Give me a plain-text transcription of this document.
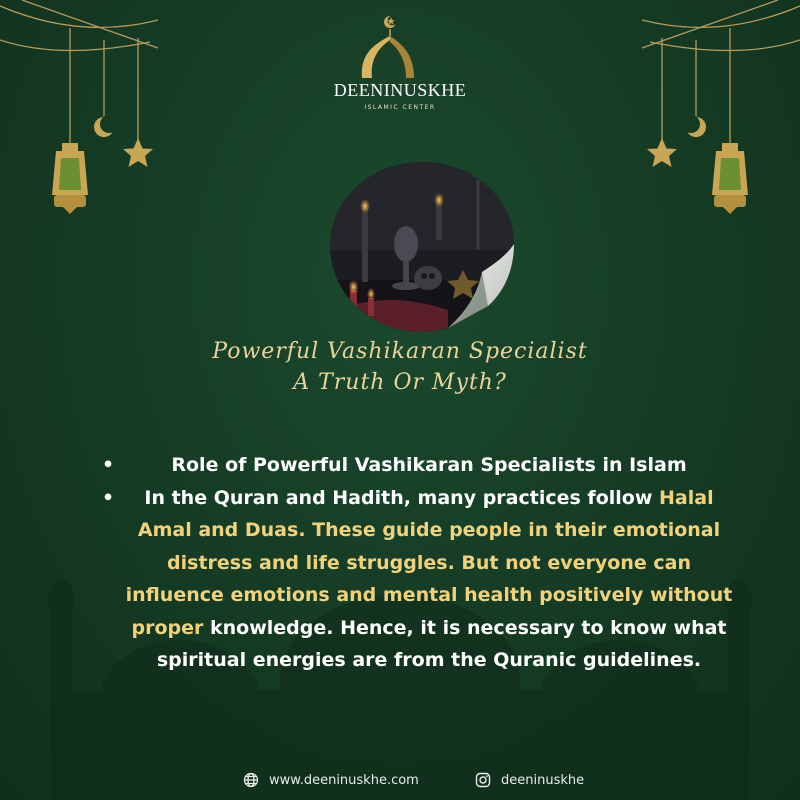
DEENINUSKHE
ISLAMIC CENTER
Powerful Vashikaran Specialist
A Truth Or Myth?
•	Role of Powerful Vashikaran Specialists in Islam
• In the Quran and Hadith, many practices follow Halal Amal and Duas. These guide people in their emotional distress and life struggles. But not everyone can influence emotions and mental health positively without proper knowledge. Hence, it is necessary to know what spiritual energies are from the Quranic guidelines.
www.deeninuskhe.com	deeninuskhe
